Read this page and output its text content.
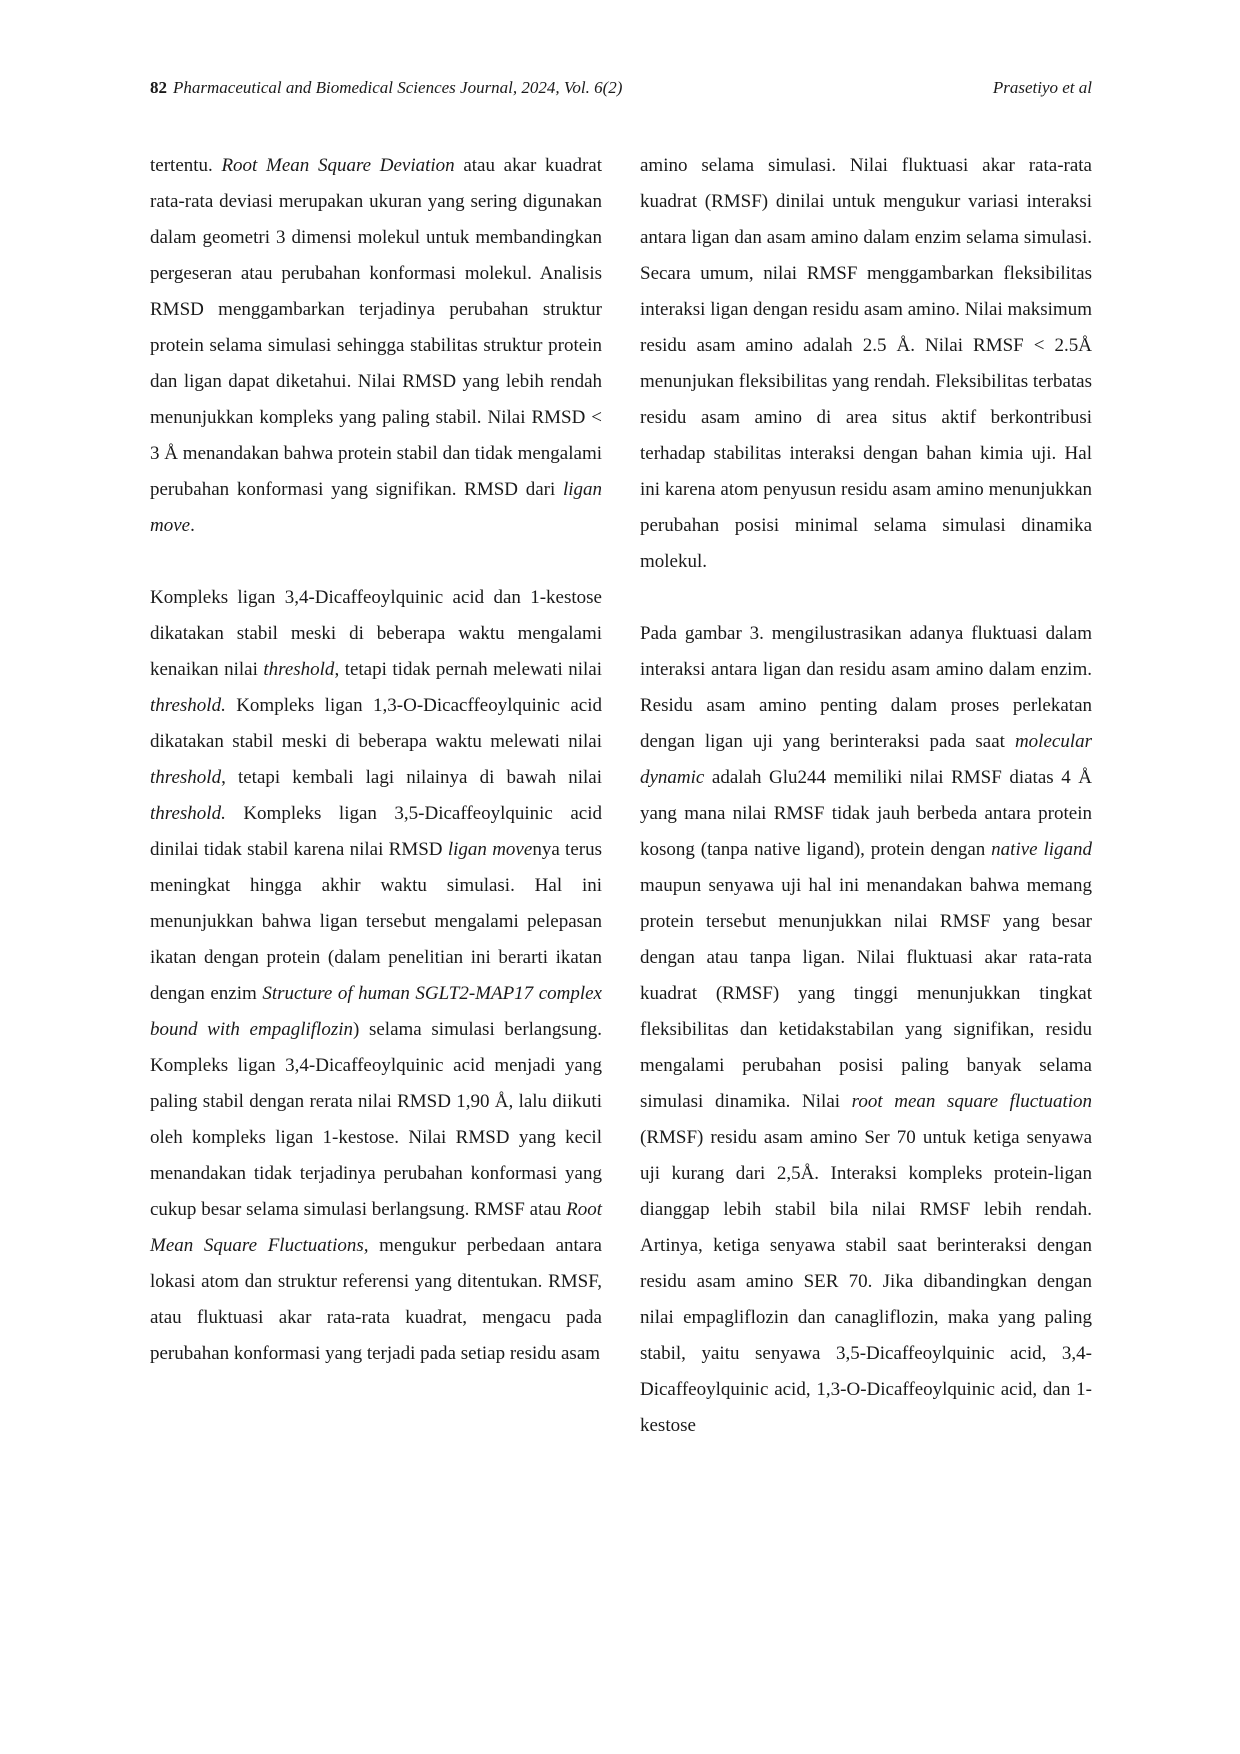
82 Pharmaceutical and Biomedical Sciences Journal, 2024, Vol. 6(2)	Prasetiyo et al

tertentu. Root Mean Square Deviation atau akar kuadrat rata-rata deviasi merupakan ukuran yang sering digunakan dalam geometri 3 dimensi molekul untuk membandingkan pergeseran atau perubahan konformasi molekul. Analisis RMSD menggambarkan terjadinya perubahan struktur protein selama simulasi sehingga stabilitas struktur protein dan ligan dapat diketahui. Nilai RMSD yang lebih rendah menunjukkan kompleks yang paling stabil. Nilai RMSD < 3 Å menandakan bahwa protein stabil dan tidak mengalami perubahan konformasi yang signifikan. RMSD dari ligan move.

Kompleks ligan 3,4-Dicaffeoylquinic acid dan 1-kestose dikatakan stabil meski di beberapa waktu mengalami kenaikan nilai threshold, tetapi tidak pernah melewati nilai threshold. Kompleks ligan 1,3-O-Dicacffeoylquinic acid dikatakan stabil meski di beberapa waktu melewati nilai threshold, tetapi kembali lagi nilainya di bawah nilai threshold. Kompleks ligan 3,5-Dicaffeoylquinic acid dinilai tidak stabil karena nilai RMSD ligan movenya terus meningkat hingga akhir waktu simulasi. Hal ini menunjukkan bahwa ligan tersebut mengalami pelepasan ikatan dengan protein (dalam penelitian ini berarti ikatan dengan enzim Structure of human SGLT2-MAP17 complex bound with empagliflozin) selama simulasi berlangsung. Kompleks ligan 3,4-Dicaffeoylquinic acid menjadi yang paling stabil dengan rerata nilai RMSD 1,90 Å, lalu diikuti oleh kompleks ligan 1-kestose. Nilai RMSD yang kecil menandakan tidak terjadinya perubahan konformasi yang cukup besar selama simulasi berlangsung. RMSF atau Root Mean Square Fluctuations, mengukur perbedaan antara lokasi atom dan struktur referensi yang ditentukan. RMSF, atau fluktuasi akar rata-rata kuadrat, mengacu pada perubahan konformasi yang terjadi pada setiap residu asam

amino selama simulasi. Nilai fluktuasi akar rata-rata kuadrat (RMSF) dinilai untuk mengukur variasi interaksi antara ligan dan asam amino dalam enzim selama simulasi. Secara umum, nilai RMSF menggambarkan fleksibilitas interaksi ligan dengan residu asam amino. Nilai maksimum residu asam amino adalah 2.5 Å. Nilai RMSF < 2.5Å menunjukan fleksibilitas yang rendah. Fleksibilitas terbatas residu asam amino di area situs aktif berkontribusi terhadap stabilitas interaksi dengan bahan kimia uji. Hal ini karena atom penyusun residu asam amino menunjukkan perubahan posisi minimal selama simulasi dinamika molekul.

Pada gambar 3. mengilustrasikan adanya fluktuasi dalam interaksi antara ligan dan residu asam amino dalam enzim. Residu asam amino penting dalam proses perlekatan dengan ligan uji yang berinteraksi pada saat molecular dynamic adalah Glu244 memiliki nilai RMSF diatas 4 Å yang mana nilai RMSF tidak jauh berbeda antara protein kosong (tanpa native ligand), protein dengan native ligand maupun senyawa uji hal ini menandakan bahwa memang protein tersebut menunjukkan nilai RMSF yang besar dengan atau tanpa ligan. Nilai fluktuasi akar rata-rata kuadrat (RMSF) yang tinggi menunjukkan tingkat fleksibilitas dan ketidakstabilan yang signifikan, residu mengalami perubahan posisi paling banyak selama simulasi dinamika. Nilai root mean square fluctuation (RMSF) residu asam amino Ser 70 untuk ketiga senyawa uji kurang dari 2,5Å. Interaksi kompleks protein-ligan dianggap lebih stabil bila nilai RMSF lebih rendah. Artinya, ketiga senyawa stabil saat berinteraksi dengan residu asam amino SER 70. Jika dibandingkan dengan nilai empagliflozin dan canagliflozin, maka yang paling stabil, yaitu senyawa 3,5-Dicaffeoylquinic acid, 3,4-Dicaffeoylquinic acid, 1,3-O-Dicaffeoylquinic acid, dan 1-kestose
